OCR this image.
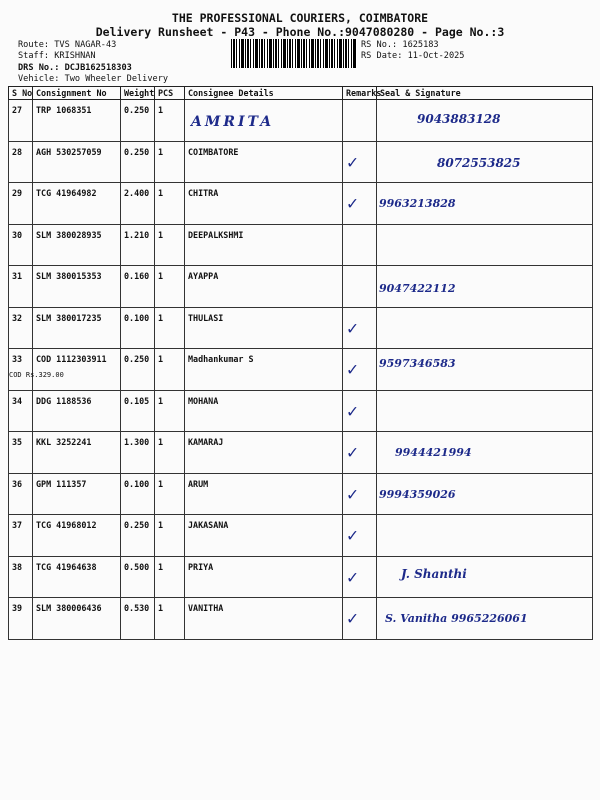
THE PROFESSIONAL COURIERS, COIMBATORE
Delivery Runsheet - P43 - Phone No.:9047080280 - Page No.:3
Route: TVS NAGAR-43
Staff: KRISHNAN
DRS No.: DCJB162518303
Vehicle: Two Wheeler Delivery
RS No.: 1625183
RS Date: 11-Oct-2025
S No	Consignment No	Weight	PCS	Consignee Details	Remarks	Seal & Signature
27	TRP 1068351	0.250	1	AMRITA		9043883128

28	AGH 530257059	0.250	1	COIMBATORE	✓	8072553825

29	TCG 41964982	2.400	1	CHITRA	✓	9963213828

30	SLM 380028935	1.210	1	DEEPALKSHMI

31	SLM 380015353	0.160	1	AYAPPA		9047422112

32	SLM 380017235	0.100	1	THULASI	✓	

33	COD 1112303911
COD Rs.329.00	0.250	1	Madhankumar S	✓	9597346583

34	DDG 1188536	0.105	1	MOHANA	✓	

35	KKL 3252241	1.300	1	KAMARAJ	✓	9944421994

36	GPM 111357	0.100	1	ARUM	✓	9994359026

37	TCG 41968012	0.250	1	JAKASANA	✓	

38	TCG 41964638	0.500	1	PRIYA	✓	J. Shanthi

39	SLM 380006436	0.530	1	VANITHA	✓	S. Vanitha 9965226061
